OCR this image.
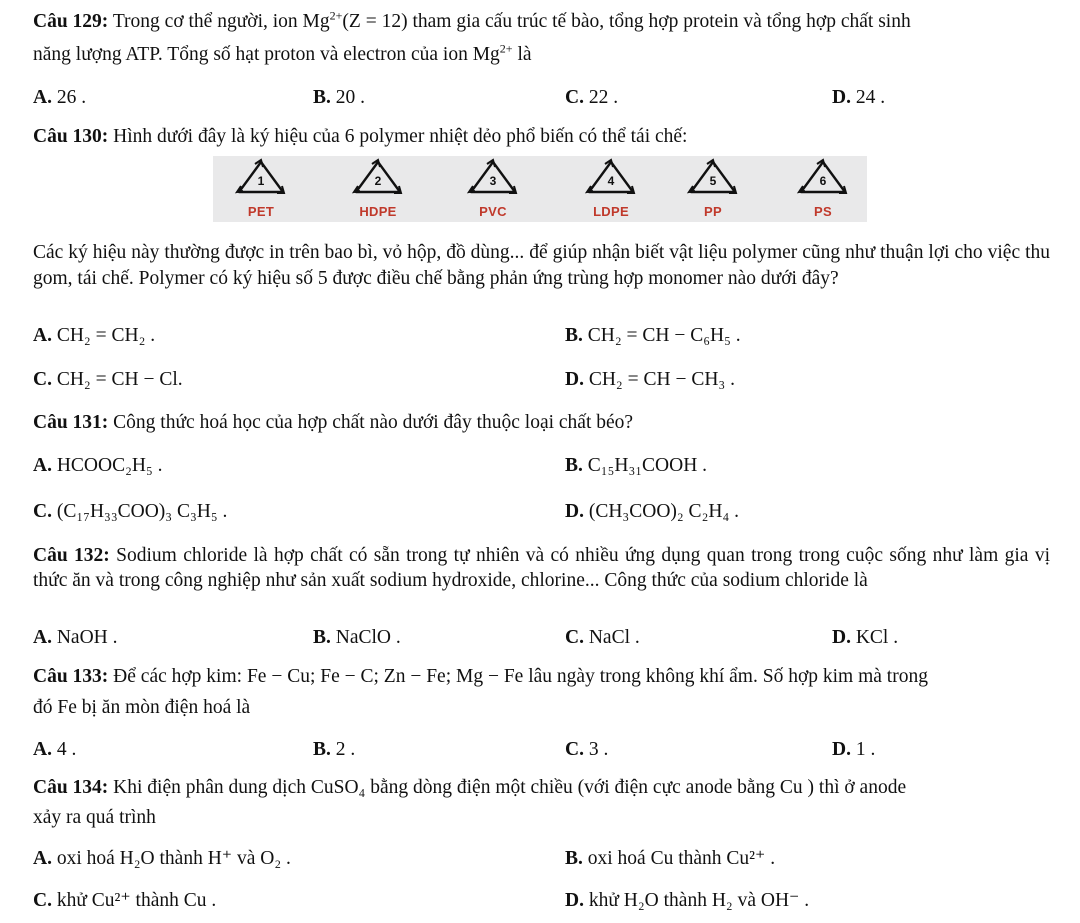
Câu 129: Trong cơ thể người, ion $Mg^{2+}(Z = 12)$ tham gia cấu trúc tế bào, tổng hợp protein và tổng hợp chất sinh
năng lượng ATP. Tổng số hạt proton và electron của ion $Mg^{2+}$ là
A. 26 .	B. 20 .	C. 22 .	D. 24 .
Câu 130: Hình dưới đây là ký hiệu của 6 polymer nhiệt dẻo phổ biến có thể tái chế:
1
PET
2
HDPE
3
PVC
4
LDPE
5
PP
6
PS
Các ký hiệu này thường được in trên bao bì, vỏ hộp, đồ dùng... để giúp nhận biết vật liệu polymer cũng như thuận lợi cho việc thu gom, tái chế. Polymer có ký hiệu số 5 được điều chế bằng phản ứng trùng hợp monomer nào dưới đây?
A. CH₂ = CH₂ .	B. CH₂ = CH − C₆H₅ .
C. CH₂ = CH − Cl.	D. CH₂ = CH − CH₃ .
Câu 131: Công thức hoá học của hợp chất nào dưới đây thuộc loại chất béo?
A. HCOOC₂H₅ .	B. C₁₅H₃₁COOH .
C. (C₁₇H₃₃COO)₃ C₃H₅ .	D. (CH₃COO)₂ C₂H₄ .
Câu 132: Sodium chloride là hợp chất có sẵn trong tự nhiên và có nhiều ứng dụng quan trong trong cuộc sống như làm gia vị thức ăn và trong công nghiệp như sản xuất sodium hydroxide, chlorine... Công thức của sodium chloride là
A. NaOH .	B. NaClO .	C. NaCl .	D. KCl .
Câu 133: Để các hợp kim: Fe − Cu; Fe − C; Zn − Fe; Mg − Fe lâu ngày trong không khí ẩm. Số hợp kim mà trong
đó Fe bị ăn mòn điện hoá là
A. 4 .	B. 2 .	C. 3 .	D. 1 .
Câu 134: Khi điện phân dung dịch CuSO₄ bằng dòng điện một chiều (với điện cực anode bằng Cu ) thì ở anode
xảy ra quá trình
A. oxi hoá H₂O thành H⁺ và O₂ .	B. oxi hoá Cu thành Cu²⁺ .
C. khử Cu²⁺ thành Cu .	D. khử H₂O thành H₂ và OH⁻ .
